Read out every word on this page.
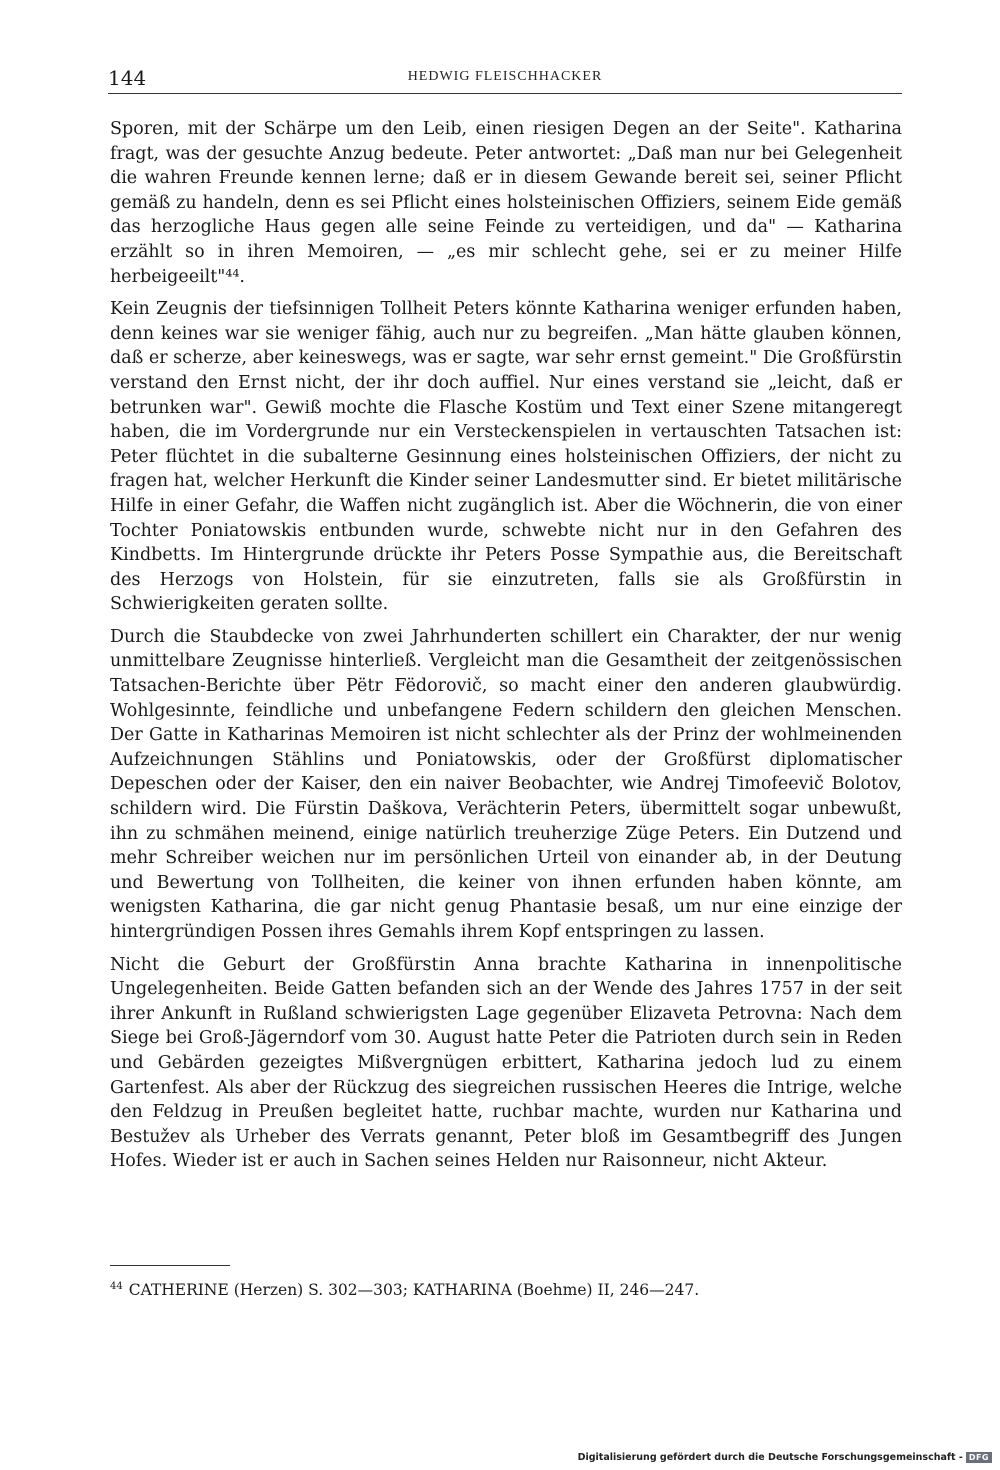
144	HEDWIG FLEISCHHACKER

Sporen, mit der Schärpe um den Leib, einen riesigen Degen an der Seite". Katharina fragt, was der gesuchte Anzug bedeute. Peter antwortet: „Daß man nur bei Gelegenheit die wahren Freunde kennen lerne; daß er in diesem Gewande bereit sei, seiner Pflicht gemäß zu handeln, denn es sei Pflicht eines holsteinischen Offiziers, seinem Eide gemäß das herzogliche Haus gegen alle seine Feinde zu verteidigen, und da" — Katharina erzählt so in ihren Memoiren, — „es mir schlecht gehe, sei er zu meiner Hilfe herbeigeeilt"⁴⁴.

Kein Zeugnis der tiefsinnigen Tollheit Peters könnte Katharina weniger erfunden haben, denn keines war sie weniger fähig, auch nur zu begreifen. „Man hätte glauben können, daß er scherze, aber keineswegs, was er sagte, war sehr ernst gemeint." Die Großfürstin verstand den Ernst nicht, der ihr doch auffiel. Nur eines verstand sie „leicht, daß er betrunken war". Gewiß mochte die Flasche Kostüm und Text einer Szene mitangeregt haben, die im Vordergrunde nur ein Versteckenspielen in vertauschten Tatsachen ist: Peter flüchtet in die subalterne Gesinnung eines holsteinischen Offiziers, der nicht zu fragen hat, welcher Herkunft die Kinder seiner Landesmutter sind. Er bietet militärische Hilfe in einer Gefahr, die Waffen nicht zugänglich ist. Aber die Wöchnerin, die von einer Tochter Poniatowskis entbunden wurde, schwebte nicht nur in den Gefahren des Kindbetts. Im Hintergrunde drückte ihr Peters Posse Sympathie aus, die Bereitschaft des Herzogs von Holstein, für sie einzutreten, falls sie als Großfürstin in Schwierigkeiten geraten sollte.

Durch die Staubdecke von zwei Jahrhunderten schillert ein Charakter, der nur wenig unmittelbare Zeugnisse hinterließ. Vergleicht man die Gesamtheit der zeitgenössischen Tatsachen-Berichte über Pëtr Fëdorovič, so macht einer den anderen glaubwürdig. Wohlgesinnte, feindliche und unbefangene Federn schildern den gleichen Menschen. Der Gatte in Katharinas Memoiren ist nicht schlechter als der Prinz der wohlmeinenden Aufzeichnungen Stählins und Poniatowskis, oder der Großfürst diplomatischer Depeschen oder der Kaiser, den ein naiver Beobachter, wie Andrej Timofeevič Bolotov, schildern wird. Die Fürstin Daškova, Verächterin Peters, übermittelt sogar unbewußt, ihn zu schmähen meinend, einige natürlich treuherzige Züge Peters. Ein Dutzend und mehr Schreiber weichen nur im persönlichen Urteil von einander ab, in der Deutung und Bewertung von Tollheiten, die keiner von ihnen erfunden haben könnte, am wenigsten Katharina, die gar nicht genug Phantasie besaß, um nur eine einzige der hintergründigen Possen ihres Gemahls ihrem Kopf entspringen zu lassen.

Nicht die Geburt der Großfürstin Anna brachte Katharina in innenpolitische Ungelegenheiten. Beide Gatten befanden sich an der Wende des Jahres 1757 in der seit ihrer Ankunft in Rußland schwierigsten Lage gegenüber Elizaveta Petrovna: Nach dem Siege bei Groß-Jägerndorf vom 30. August hatte Peter die Patrioten durch sein in Reden und Gebärden gezeigtes Mißvergnügen erbittert, Katharina jedoch lud zu einem Gartenfest. Als aber der Rückzug des siegreichen russischen Heeres die Intrige, welche den Feldzug in Preußen begleitet hatte, ruchbar machte, wurden nur Katharina und Bestužev als Urheber des Verrats genannt, Peter bloß im Gesamtbegriff des Jungen Hofes. Wieder ist er auch in Sachen seines Helden nur Raisonneur, nicht Akteur.

$^{44}$ CATHERINE (Herzen) S. 302—303; KATHARINA (Boehme) II, 246—247.
Digitalisierung gefördert durch die Deutsche Forschungsgemeinschaft - DFG
